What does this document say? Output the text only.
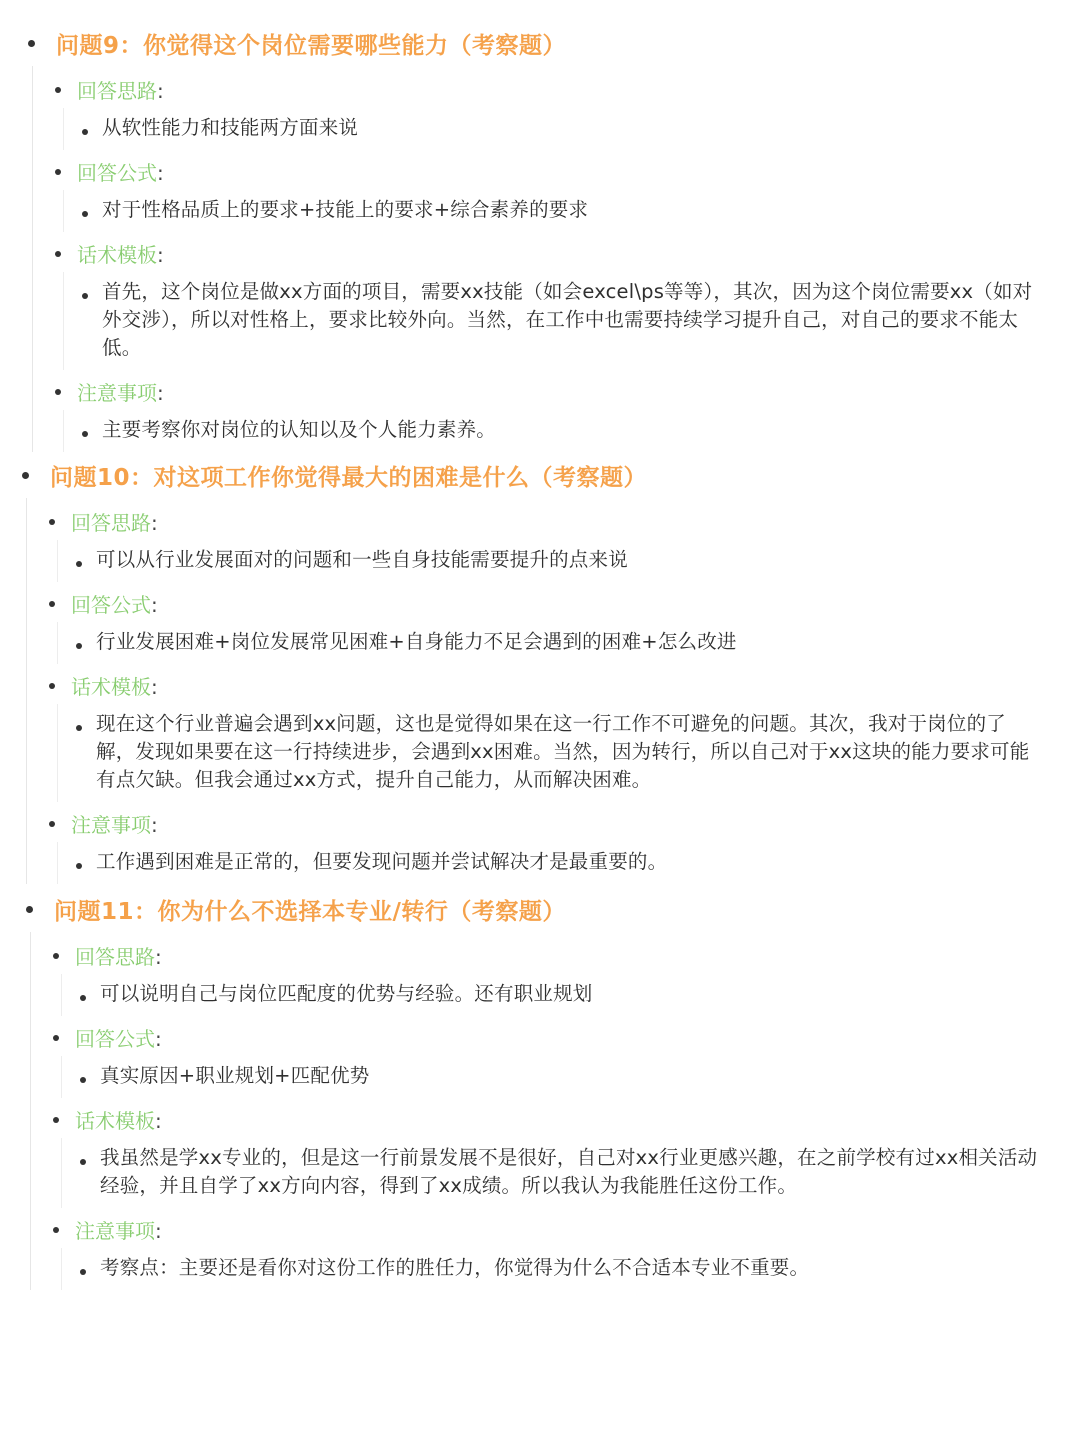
问题9：你觉得这个岗位需要哪些能力（考察题）
回答思路:
从软性能力和技能两方面来说
回答公式:
对于性格品质上的要求+技能上的要求+综合素养的要求
话术模板:
首先，这个岗位是做xx方面的项目，需要xx技能（如会excel\ps等等），其次，因为这个岗位需要xx（如对外交涉），所以对性格上，要求比较外向。当然，在工作中也需要持续学习提升自己，对自己的要求不能太低。
注意事项:
主要考察你对岗位的认知以及个人能力素养。
问题10：对这项工作你觉得最大的困难是什么（考察题）
回答思路:
可以从行业发展面对的问题和一些自身技能需要提升的点来说
回答公式:
行业发展困难+岗位发展常见困难+自身能力不足会遇到的困难+怎么改进
话术模板:
现在这个行业普遍会遇到xx问题，这也是觉得如果在这一行工作不可避免的问题。其次，我对于岗位的了解，发现如果要在这一行持续进步，会遇到xx困难。当然，因为转行，所以自己对于xx这块的能力要求可能有点欠缺。但我会通过xx方式，提升自己能力，从而解决困难。
注意事项:
工作遇到困难是正常的，但要发现问题并尝试解决才是最重要的。
问题11：你为什么不选择本专业/转行（考察题）
回答思路:
可以说明自己与岗位匹配度的优势与经验。还有职业规划
回答公式:
真实原因+职业规划+匹配优势
话术模板:
我虽然是学xx专业的，但是这一行前景发展不是很好，自己对xx行业更感兴趣，在之前学校有过xx相关活动经验，并且自学了xx方向内容，得到了xx成绩。所以我认为我能胜任这份工作。
注意事项:
考察点：主要还是看你对这份工作的胜任力，你觉得为什么不合适本专业不重要。
